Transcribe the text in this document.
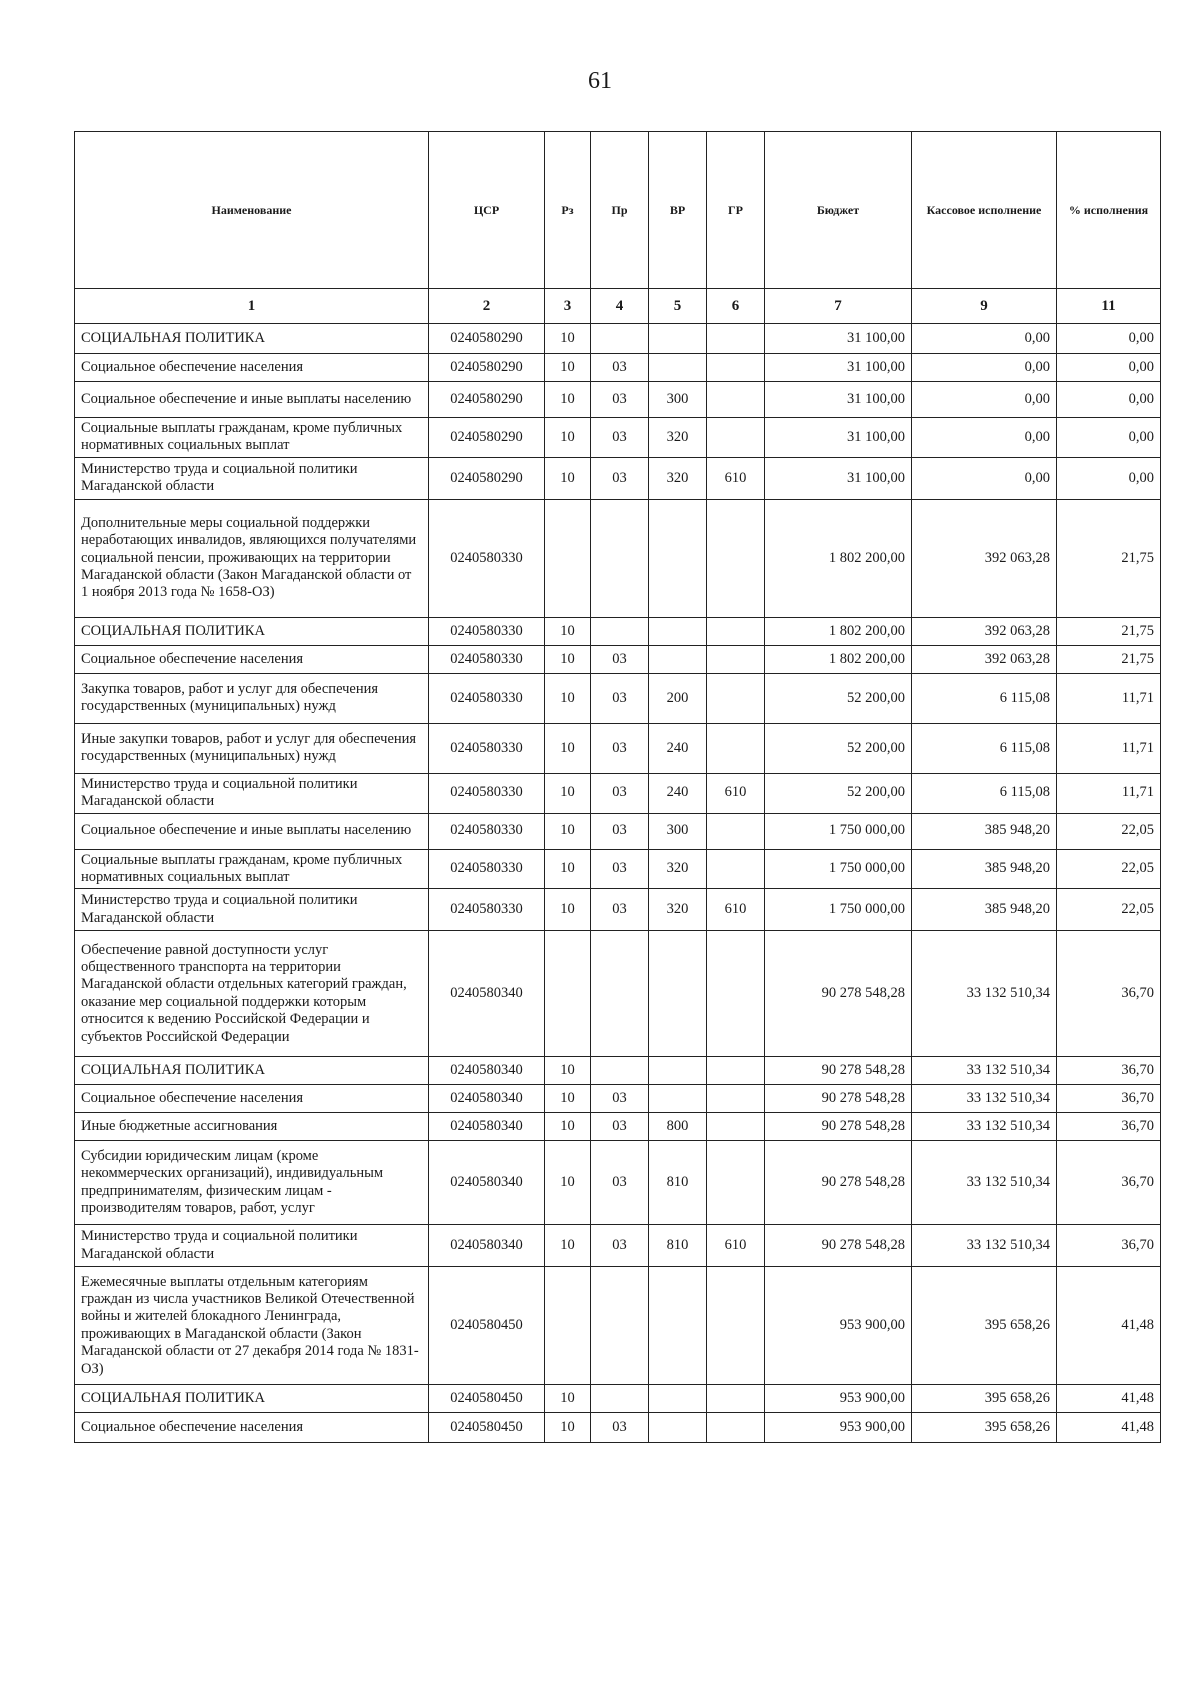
61
Наименование	ЦСР	Рз	Пр	ВР	ГР	Бюджет	Кассовое исполнение	% исполнения
1	2	3	4	5	6	7	9	11
СОЦИАЛЬНАЯ ПОЛИТИКА	0240580290	10				31 100,00	0,00	0,00
Социальное обеспечение населения	0240580290	10	03			31 100,00	0,00	0,00
Социальное обеспечение и иные выплаты населению	0240580290	10	03	300		31 100,00	0,00	0,00
Социальные выплаты гражданам, кроме публичных нормативных социальных выплат	0240580290	10	03	320		31 100,00	0,00	0,00
Министерство труда и социальной политики Магаданской области	0240580290	10	03	320	610	31 100,00	0,00	0,00
Дополнительные меры социальной поддержки неработающих инвалидов, являющихся получателями социальной пенсии, проживающих на территории Магаданской области (Закон Магаданской области от 1 ноября 2013 года № 1658-ОЗ)	0240580330					1 802 200,00	392 063,28	21,75
СОЦИАЛЬНАЯ ПОЛИТИКА	0240580330	10				1 802 200,00	392 063,28	21,75
Социальное обеспечение населения	0240580330	10	03			1 802 200,00	392 063,28	21,75
Закупка товаров, работ и услуг для обеспечения государственных (муниципальных) нужд	0240580330	10	03	200		52 200,00	6 115,08	11,71
Иные закупки товаров, работ и услуг для обеспечения государственных (муниципальных) нужд	0240580330	10	03	240		52 200,00	6 115,08	11,71
Министерство труда и социальной политики Магаданской области	0240580330	10	03	240	610	52 200,00	6 115,08	11,71
Социальное обеспечение и иные выплаты населению	0240580330	10	03	300		1 750 000,00	385 948,20	22,05
Социальные выплаты гражданам, кроме публичных нормативных социальных выплат	0240580330	10	03	320		1 750 000,00	385 948,20	22,05
Министерство труда и социальной политики Магаданской области	0240580330	10	03	320	610	1 750 000,00	385 948,20	22,05
Обеспечение равной доступности услуг общественного транспорта на территории Магаданской области отдельных категорий граждан, оказание мер социальной поддержки которым относится к ведению Российской Федерации и субъектов Российской Федерации	0240580340					90 278 548,28	33 132 510,34	36,70
СОЦИАЛЬНАЯ ПОЛИТИКА	0240580340	10				90 278 548,28	33 132 510,34	36,70
Социальное обеспечение населения	0240580340	10	03			90 278 548,28	33 132 510,34	36,70
Иные бюджетные ассигнования	0240580340	10	03	800		90 278 548,28	33 132 510,34	36,70
Субсидии юридическим лицам (кроме некоммерческих организаций), индивидуальным предпринимателям, физическим лицам - производителям товаров, работ, услуг	0240580340	10	03	810		90 278 548,28	33 132 510,34	36,70
Министерство труда и социальной политики Магаданской области	0240580340	10	03	810	610	90 278 548,28	33 132 510,34	36,70
Ежемесячные выплаты отдельным категориям граждан из числа участников Великой Отечественной войны и жителей блокадного Ленинграда, проживающих в Магаданской области (Закон Магаданской области от 27 декабря 2014 года № 1831-ОЗ)	0240580450					953 900,00	395 658,26	41,48
СОЦИАЛЬНАЯ ПОЛИТИКА	0240580450	10				953 900,00	395 658,26	41,48
Социальное обеспечение населения	0240580450	10	03			953 900,00	395 658,26	41,48
